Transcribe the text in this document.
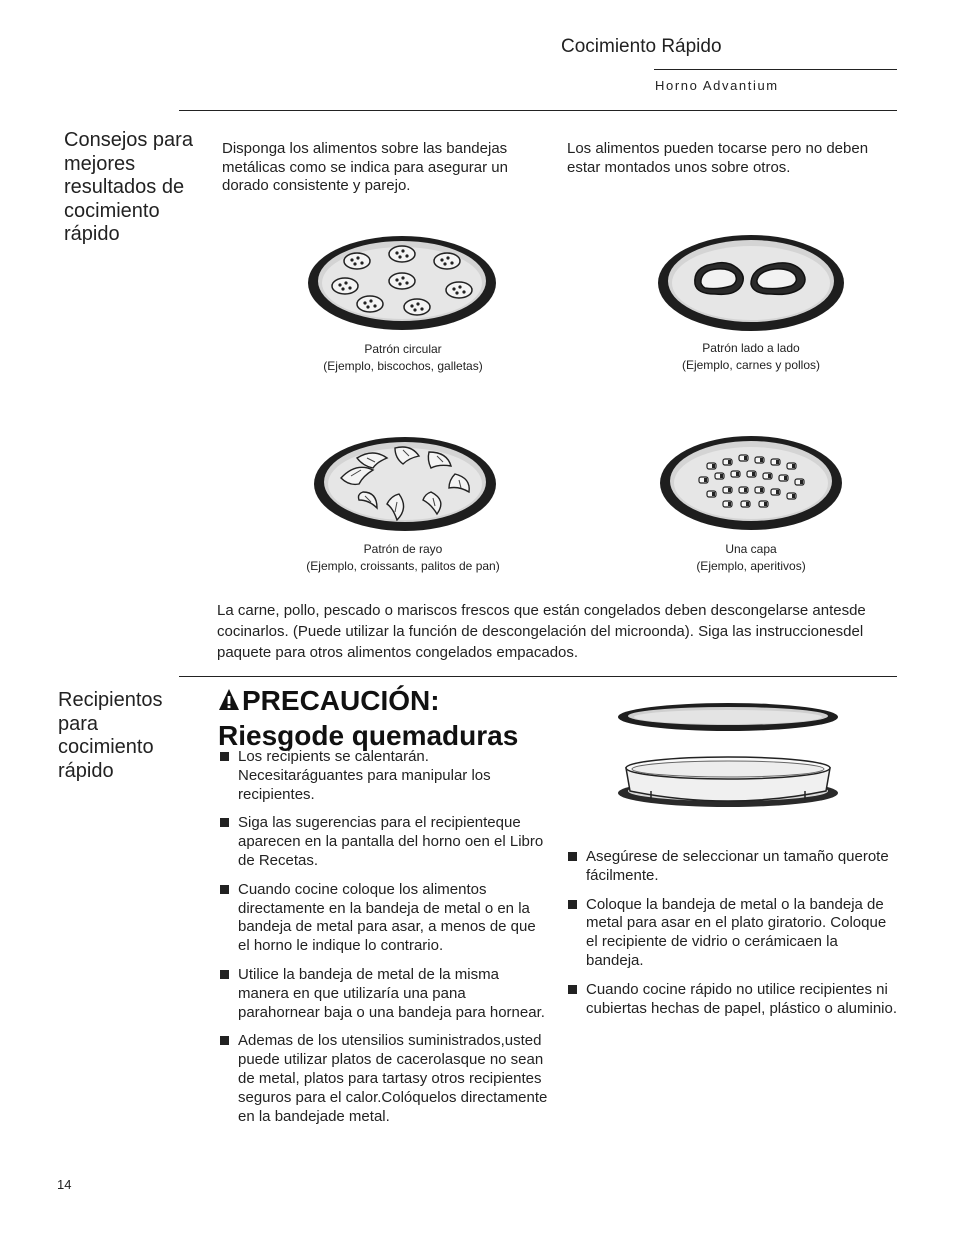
Cocimiento Rápido
Horno Advantium
Consejos para mejores resultados de cocimiento rápido
Disponga los alimentos sobre las bandejas metálicas como se indica para asegurar un dorado consistente y parejo.
Los alimentos pueden tocarse pero no deben estar montados unos sobre otros.
Patrón circular
(Ejemplo, biscochos, galletas)
Patrón lado a lado
(Ejemplo, carnes y pollos)
Patrón de rayo
(Ejemplo, croissants, palitos de pan)
Una capa
(Ejemplo, aperitivos)
La carne, pollo, pescado o mariscos frescos que están congelados deben descongelarse antesde cocinarlos. (Puede utilizar la función de descongelación del microonda). Siga las instruccionesdel paquete para otros alimentos congelados empacados.
Recipientos para cocimiento rápido
PRECAUCIÓN:
Riesgode quemaduras
Los recipients se calentarán. Necesitaráguantes para manipular los recipientes.
Siga las sugerencias para el recipienteque aparecen en la pantalla del horno oen el Libro de Recetas.
Cuando cocine coloque los alimentos directamente en la bandeja de metal o en la bandeja de metal para asar, a menos de que el horno le indique lo contrario.
Utilice la bandeja de metal de la misma manera en que utilizaría una pana parahornear baja o una bandeja para hornear.
Ademas de los utensilios suministrados,usted puede utilizar platos de cacerolasque no sean de metal, platos para tartasy otros recipientes seguros para el calor.Colóquelos directamente en la bandejade metal.
Asegúrese de seleccionar un tamaño querote fácilmente.
Coloque la bandeja de metal o la bandeja de metal para asar en el plato giratorio. Coloque el recipiente de vidrio o cerámicaen la bandeja.
Cuando cocine rápido no utilice recipientes ni cubiertas hechas de papel, plástico o aluminio.
14
